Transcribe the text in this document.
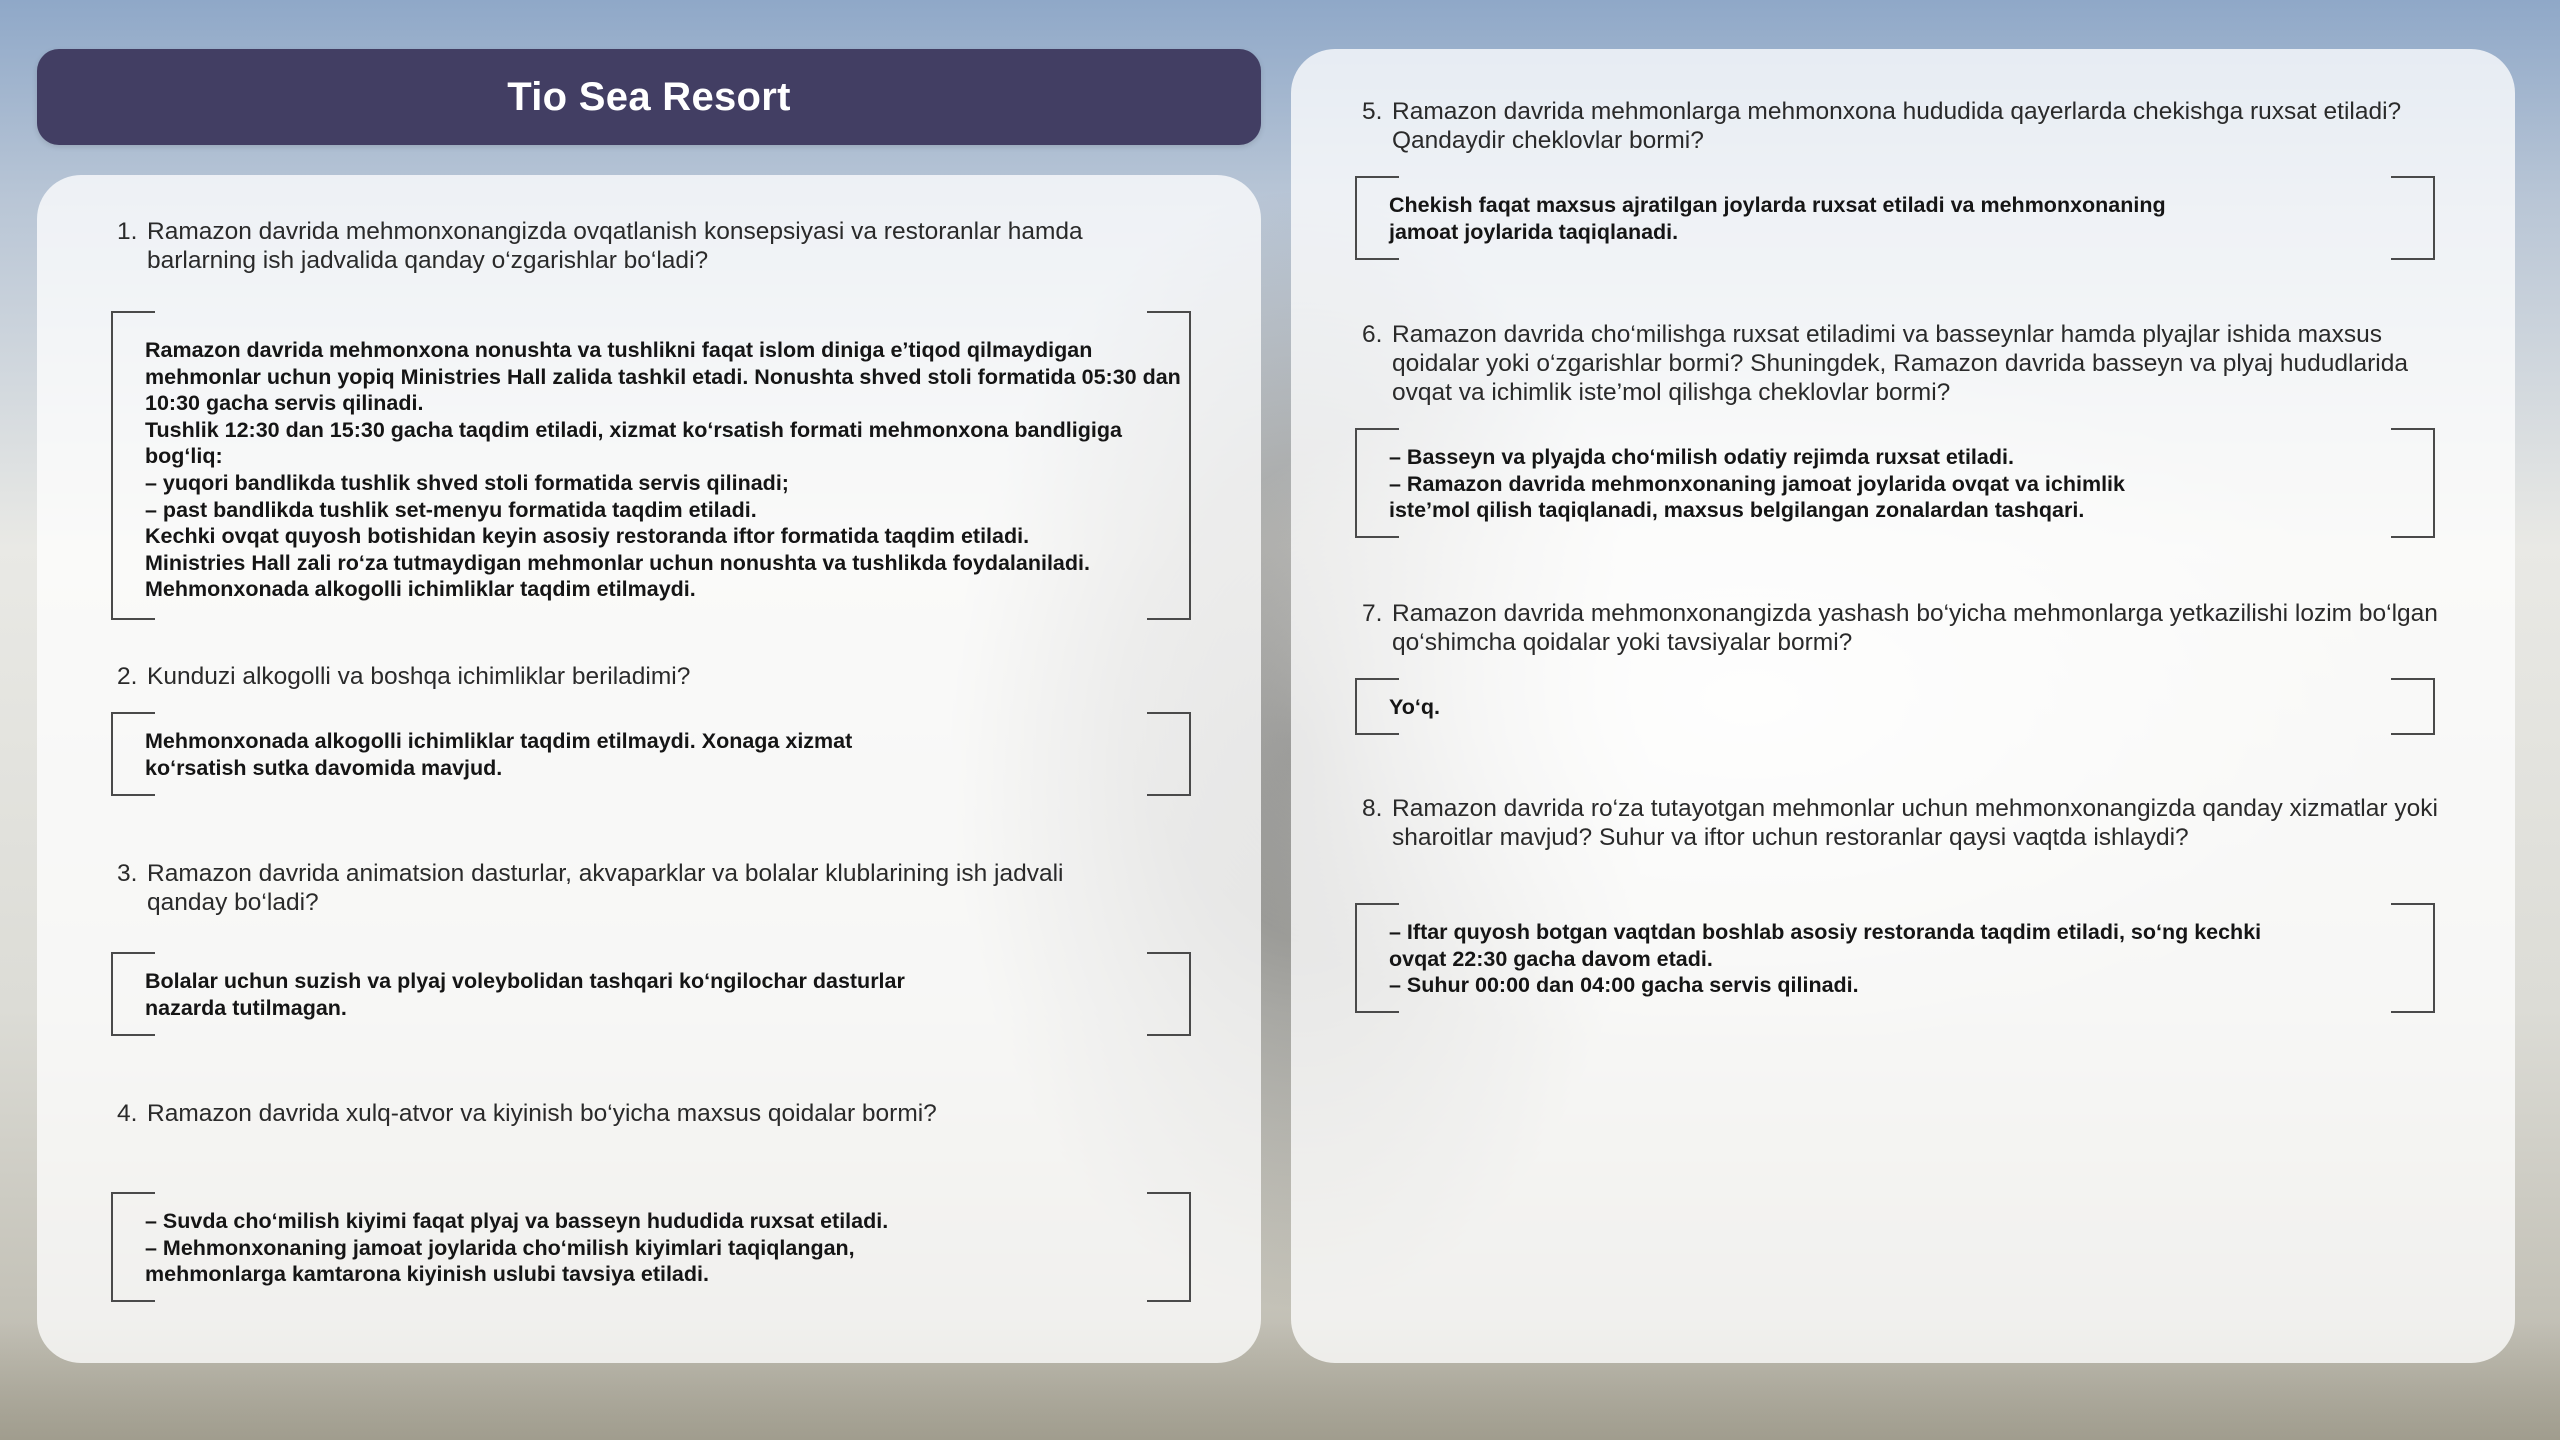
Tio Sea Resort
1. Ramazon davrida mehmonxonangizda ovqatlanish konsepsiyasi va restoranlar hamda barlarning ish jadvalida qanday o‘zgarishlar bo‘ladi?
Ramazon davrida mehmonxona nonushta va tushlikni faqat islom diniga e’tiqod qilmaydigan mehmonlar uchun yopiq Ministries Hall zalida tashkil etadi. Nonushta shved stoli formatida 05:30 dan 10:30 gacha servis qilinadi.
Tushlik 12:30 dan 15:30 gacha taqdim etiladi, xizmat ko‘rsatish formati mehmonxona bandligiga bog‘liq:
– yuqori bandlikda tushlik shved stoli formatida servis qilinadi;
– past bandlikda tushlik set-menyu formatida taqdim etiladi.
Kechki ovqat quyosh botishidan keyin asosiy restoranda iftor formatida taqdim etiladi.
Ministries Hall zali ro‘za tutmaydigan mehmonlar uchun nonushta va tushlikda foydalaniladi.
Mehmonxonada alkogolli ichimliklar taqdim etilmaydi.
2. Kunduzi alkogolli va boshqa ichimliklar beriladimi?
Mehmonxonada alkogolli ichimliklar taqdim etilmaydi. Xonaga xizmat
ko‘rsatish sutka davomida mavjud.
3. Ramazon davrida animatsion dasturlar, akvaparklar va bolalar klublarining ish jadvali qanday bo‘ladi?
Bolalar uchun suzish va plyaj voleybolidan tashqari ko‘ngilochar dasturlar
nazarda tutilmagan.
4. Ramazon davrida xulq-atvor va kiyinish bo‘yicha maxsus qoidalar bormi?
– Suvda cho‘milish kiyimi faqat plyaj va basseyn hududida ruxsat etiladi.
– Mehmonxonaning jamoat joylarida cho‘milish kiyimlari taqiqlangan,
mehmonlarga kamtarona kiyinish uslubi tavsiya etiladi.
5. Ramazon davrida mehmonlarga mehmonxona hududida qayerlarda chekishga ruxsat etiladi? Qandaydir cheklovlar bormi?
Chekish faqat maxsus ajratilgan joylarda ruxsat etiladi va mehmonxonaning
jamoat joylarida taqiqlanadi.
6. Ramazon davrida cho‘milishga ruxsat etiladimi va basseynlar hamda plyajlar ishida maxsus qoidalar yoki o‘zgarishlar bormi? Shuningdek, Ramazon davrida basseyn va plyaj hududlarida ovqat va ichimlik iste’mol qilishga cheklovlar bormi?
– Basseyn va plyajda cho‘milish odatiy rejimda ruxsat etiladi.
– Ramazon davrida mehmonxonaning jamoat joylarida ovqat va ichimlik
iste’mol qilish taqiqlanadi, maxsus belgilangan zonalardan tashqari.
7. Ramazon davrida mehmonxonangizda yashash bo‘yicha mehmonlarga yetkazilishi lozim bo‘lgan qo‘shimcha qoidalar yoki tavsiyalar bormi?
Yo‘q.
8. Ramazon davrida ro‘za tutayotgan mehmonlar uchun mehmonxonangizda qanday xizmatlar yoki sharoitlar mavjud? Suhur va iftor uchun restoranlar qaysi vaqtda ishlaydi?
– Iftar quyosh botgan vaqtdan boshlab asosiy restoranda taqdim etiladi, so‘ng kechki
ovqat 22:30 gacha davom etadi.
– Suhur 00:00 dan 04:00 gacha servis qilinadi.
